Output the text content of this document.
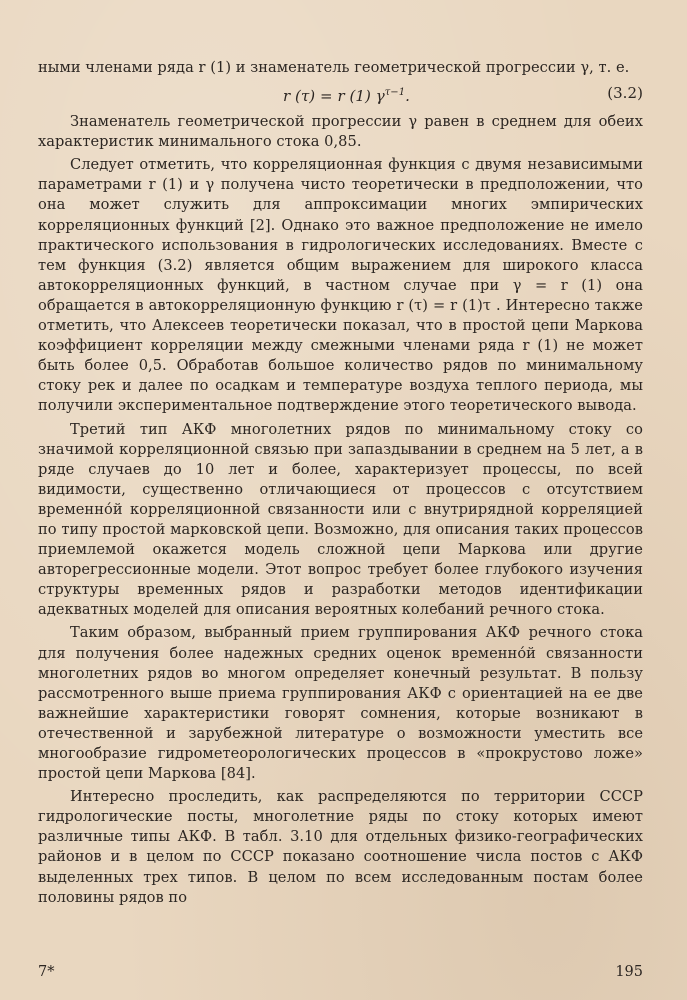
ными членами ряда r (1) и знаменатель геометрической прогрессии γ, т. е.

r (τ) = r (1) $\gamma^{\tau-1}$.	(3.2)

Знаменатель геометрической прогрессии γ равен в среднем для обеих характеристик минимального стока 0,85.

Следует отметить, что корреляционная функция с двумя независимыми параметрами r (1) и γ получена чисто теоретически в предположении, что она может служить для аппроксимации многих эмпирических корреляционных функций [2]. Однако это важное предположение не имело практического использования в гидрологических исследованиях. Вместе с тем функция (3.2) является общим выражением для широкого класса автокорреляционных функций, в частном случае при γ = r (1) она обращается в автокорреляционную функцию r (τ) = r (1)τ . Интересно также отметить, что Алексеев теоретически показал, что в простой цепи Маркова коэффициент корреляции между смежными членами ряда r (1) не может быть более 0,5. Обработав большое количество рядов по минимальному стоку рек и далее по осадкам и температуре воздуха теплого периода, мы получили экспериментальное подтверждение этого теоретического вывода.

Третий тип АКФ многолетних рядов по минимальному стоку со значимой корреляционной связью при запаздывании в среднем на 5 лет, а в ряде случаев до 10 лет и более, характеризует процессы, по всей видимости, существенно отличающиеся от процессов с отсутствием временно́й корреляционной связанности или с внутрирядной корреляцией по типу простой марковской цепи. Возможно, для описания таких процессов приемлемой окажется модель сложной цепи Маркова или другие авторегрессионные модели. Этот вопрос требует более глубокого изучения структуры временных рядов и разработки методов идентификации адекватных моделей для описания вероятных колебаний речного стока.

Таким образом, выбранный прием группирования АКФ речного стока для получения более надежных средних оценок временно́й связанности многолетних рядов во многом определяет конечный результат. В пользу рассмотренного выше приема группирования АКФ с ориентацией на ее две важнейшие характеристики говорят сомнения, которые возникают в отечественной и зарубежной литературе о возможности уместить все многообразие гидрометеорологических процессов в «прокрустово ложе» простой цепи Маркова [84].

Интересно проследить, как распределяются по территории СССР гидрологические посты, многолетние ряды по стоку которых имеют различные типы АКФ. В табл. 3.10 для отдельных физико-географических районов и в целом по СССР показано соотношение числа постов с АКФ выделенных трех типов. В целом по всем исследованным постам более половины рядов по

7*	195
